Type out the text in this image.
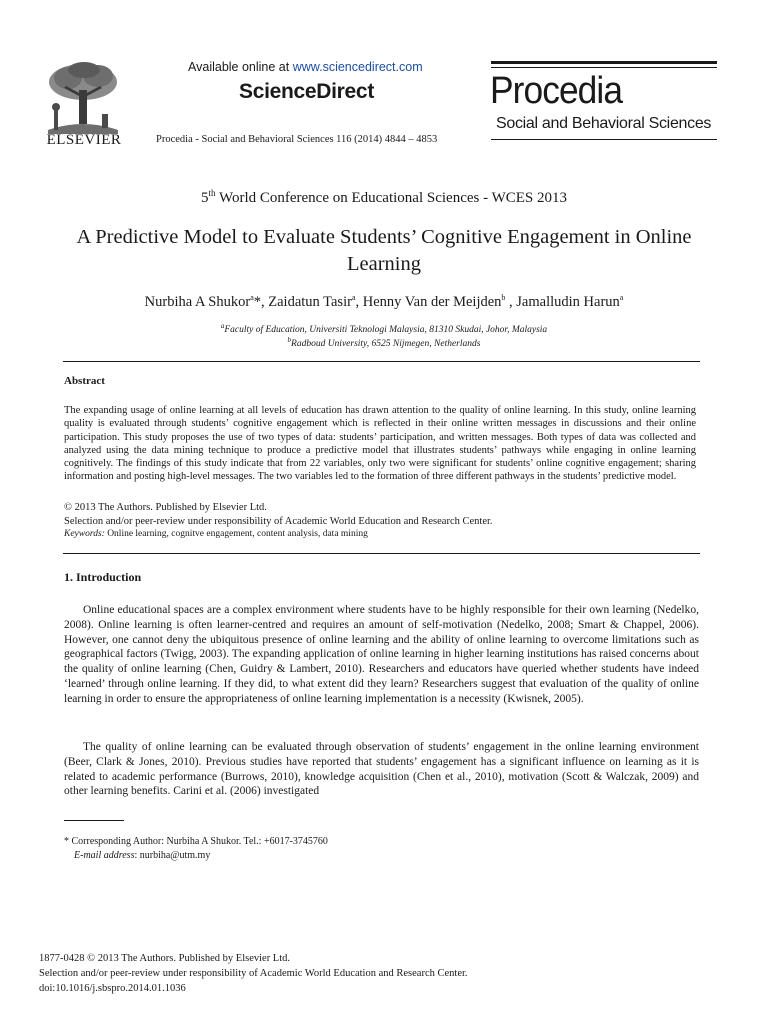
ELSEVIER
Available online at www.sciencedirect.com
ScienceDirect
Procedia - Social and Behavioral Sciences 116 (2014) 4844 – 4853
Procedia
Social and Behavioral Sciences
5th World Conference on Educational Sciences - WCES 2013
A Predictive Model to Evaluate Students’ Cognitive Engagement in Online Learning
Nurbiha A Shukor$^a$*, Zaidatun Tasir$^a$, Henny Van der Meijden$^b$ , Jamalludin Harun$^a$
$^a$Faculty of Education, Universiti Teknologi Malaysia, 81310 Skudai, Johor, Malaysia
$^b$Radboud University, 6525 Nijmegen, Netherlands
Abstract
The expanding usage of online learning at all levels of education has drawn attention to the quality of online learning. In this study, online learning quality is evaluated through students’ cognitive engagement which is reflected in their online written messages in discussions and their online participation. This study proposes the use of two types of data: students’ participation, and written messages. Both types of data was collected and analyzed using the data mining technique to produce a predictive model that illustrates students’ pathways while engaging in online learning cognitively. The findings of this study indicate that from 22 variables, only two were significant for students’ online cognitive engagement; sharing information and posting high-level messages. The two variables led to the formation of three different pathways in the students’ predictive model.
© 2013 The Authors. Published by Elsevier Ltd.
Selection and/or peer-review under responsibility of Academic World Education and Research Center.
Keywords: Online learning, cognitve engagement, content analysis, data mining
1. Introduction
Online educational spaces are a complex environment where students have to be highly responsible for their own learning (Nedelko, 2008). Online learning is often learner-centred and requires an amount of self-motivation (Nedelko, 2008; Smart & Chappel, 2006). However, one cannot deny the ubiquitous presence of online learning and the ability of online learning to overcome limitations such as geographical factors (Twigg, 2003). The expanding application of online learning in higher learning institutions has raised concerns about the quality of online learning (Chen, Guidry & Lambert, 2010). Researchers and educators have queried whether students have indeed ‘learned’ through online learning. If they did, to what extent did they learn? Researchers suggest that evaluation of the quality of online learning in order to ensure the appropriateness of online learning implementation is a necessity (Kwisnek, 2005).
The quality of online learning can be evaluated through observation of students’ engagement in the online learning environment (Beer, Clark & Jones, 2010). Previous studies have reported that students’ engagement has a significant influence on learning as it is related to academic performance (Burrows, 2010), knowledge acquisition (Chen et al., 2010), motivation (Scott & Walczak, 2009) and other learning benefits. Carini et al. (2006) investigated
* Corresponding Author: Nurbiha A Shukor. Tel.: +6017-3745760
E-mail address: nurbiha@utm.my
1877-0428 © 2013 The Authors. Published by Elsevier Ltd.
Selection and/or peer-review under responsibility of Academic World Education and Research Center.
doi:10.1016/j.sbspro.2014.01.1036
